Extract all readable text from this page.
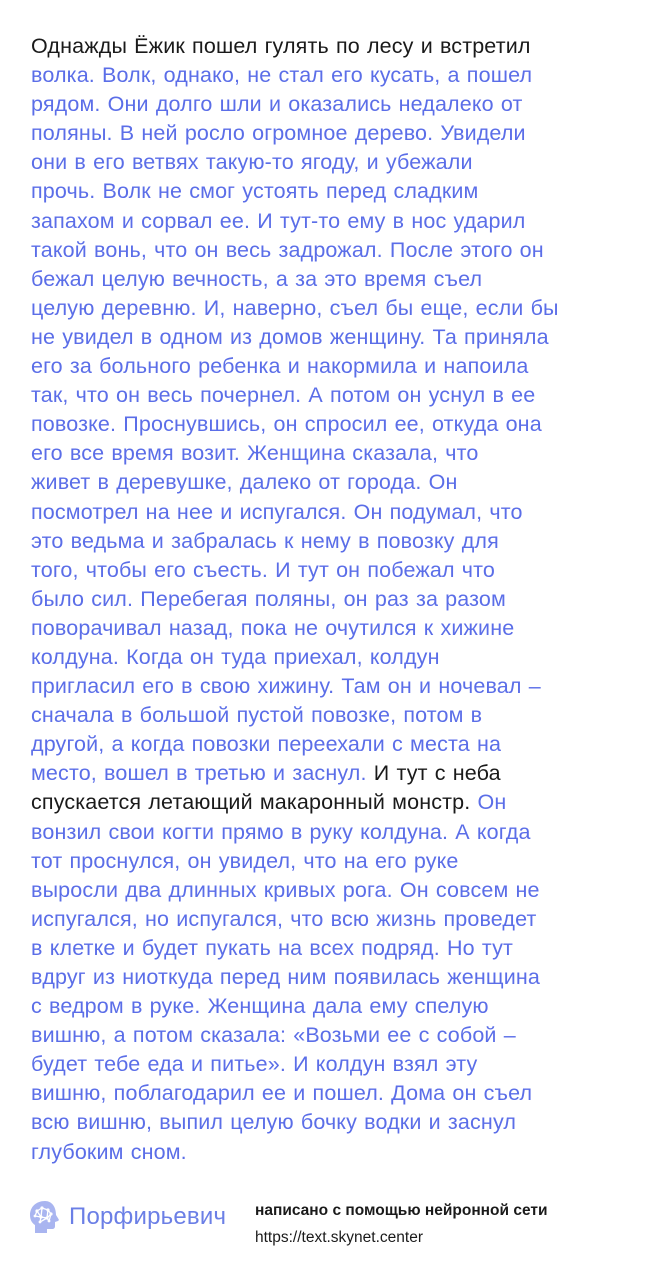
Однажды Ёжик пошел гулять по лесу и встретил
волка. Волк, однако, не стал его кусать, а пошел
рядом. Они долго шли и оказались недалеко от
поляны. В ней росло огромное дерево. Увидели
они в его ветвях такую-то ягоду, и убежали
прочь. Волк не смог устоять перед сладким
запахом и сорвал ее. И тут-то ему в нос ударил
такой вонь, что он весь задрожал. После этого он
бежал целую вечность, а за это время съел
целую деревню. И, наверно, съел бы еще, если бы
не увидел в одном из домов женщину. Та приняла
его за больного ребенка и накормила и напоила
так, что он весь почернел. А потом он уснул в ее
повозке. Проснувшись, он спросил ее, откуда она
его все время возит. Женщина сказала, что
живет в деревушке, далеко от города. Он
посмотрел на нее и испугался. Он подумал, что
это ведьма и забралась к нему в повозку для
того, чтобы его съесть. И тут он побежал что
было сил. Перебегая поляны, он раз за разом
поворачивал назад, пока не очутился к хижине
колдуна. Когда он туда приехал, колдун
пригласил его в свою хижину. Там он и ночевал –
сначала в большой пустой повозке, потом в
другой, а когда повозки переехали с места на
место, вошел в третью и заснул. И тут с неба
спускается летающий макаронный монстр. Он
вонзил свои когти прямо в руку колдуна. А когда
тот проснулся, он увидел, что на его руке
выросли два длинных кривых рога. Он совсем не
испугался, но испугался, что всю жизнь проведет
в клетке и будет пукать на всех подряд. Но тут
вдруг из ниоткуда перед ним появилась женщина
с ведром в руке. Женщина дала ему спелую
вишню, а потом сказала: «Возьми ее с собой –
будет тебе еда и питье». И колдун взял эту
вишню, поблагодарил ее и пошел. Дома он съел
всю вишню, выпил целую бочку водки и заснул
глубоким сном.
Порфирьевич написано с помощью нейронной сети
https://text.skynet.center
